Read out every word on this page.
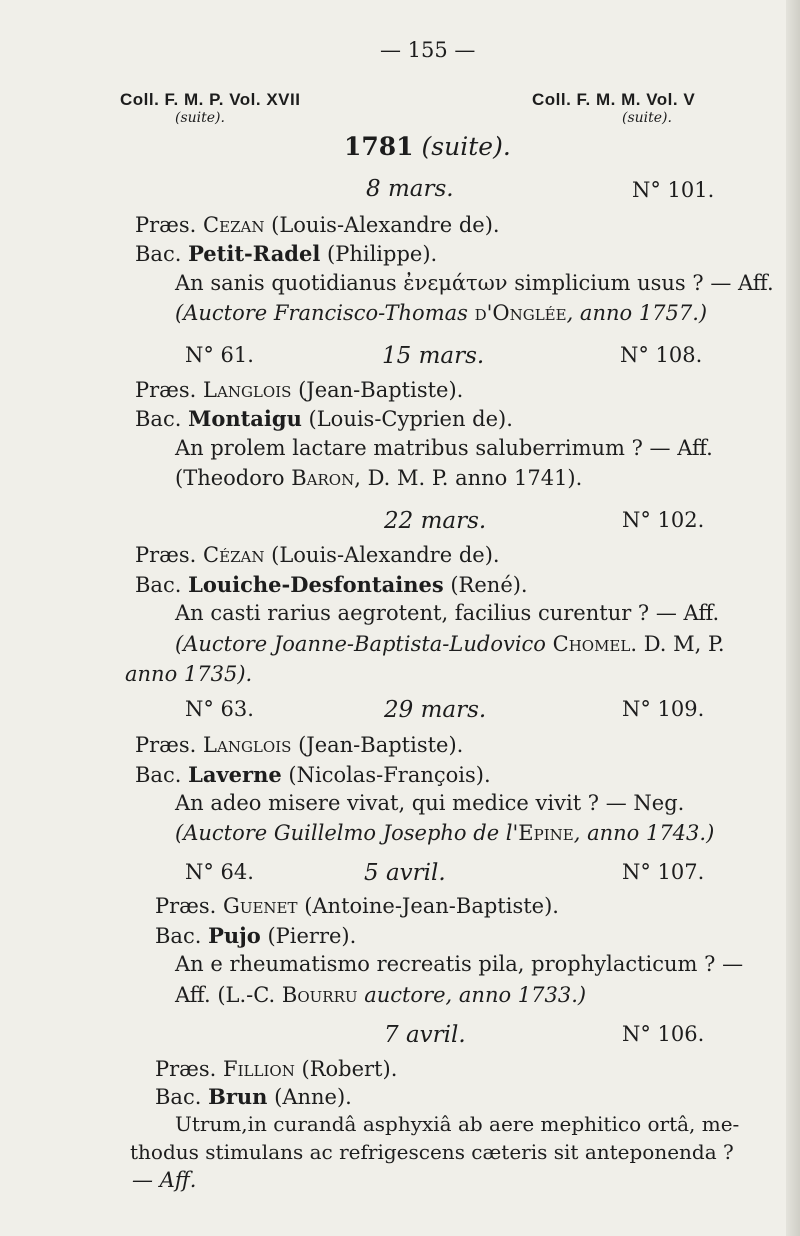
— 155 —
Coll. F. M. P. Vol. XVII
(suite).
Coll. F. M. M. Vol. V
(suite).
1781 (suite).
8 mars.	N° 101.
Præs. Cezan (Louis-Alexandre de).
Bac. Petit-Radel (Philippe).
An sanis quotidianus ἐνεμάτων simplicium usus ? — Aff.
(Auctore Francisco-Thomas d'Onglée, anno 1757.)
N° 61.	15 mars.	N° 108.
Præs. Langlois (Jean-Baptiste).
Bac. Montaigu (Louis-Cyprien de).
An prolem lactare matribus saluberrimum ? — Aff.
(Theodoro Baron, D. M. P. anno 1741).
22 mars.	N° 102.
Præs. Cézan (Louis-Alexandre de).
Bac. Louiche-Desfontaines (René).
An casti rarius aegrotent, facilius curentur ? — Aff.
(Auctore Joanne-Baptista-Ludovico Chomel. D. M, P.
anno 1735).
N° 63.	29 mars.	N° 109.
Præs. Langlois (Jean-Baptiste).
Bac. Laverne (Nicolas-François).
An adeo misere vivat, qui medice vivit ? — Neg.
(Auctore Guillelmo Josepho de l'Epine, anno 1743.)
N° 64.	5 avril.	N° 107.
Præs. Guenet (Antoine-Jean-Baptiste).
Bac. Pujo (Pierre).
An e rheumatismo recreatis pila, prophylacticum ? —
Aff. (L.-C. Bourru auctore, anno 1733.)
7 avril.	N° 106.
Præs. Fillion (Robert).
Bac. Brun (Anne).
Utrum,in curandâ asphyxiâ ab aere mephitico ortâ, me-
thodus stimulans ac refrigescens cæteris sit anteponenda ?
— Aff.
